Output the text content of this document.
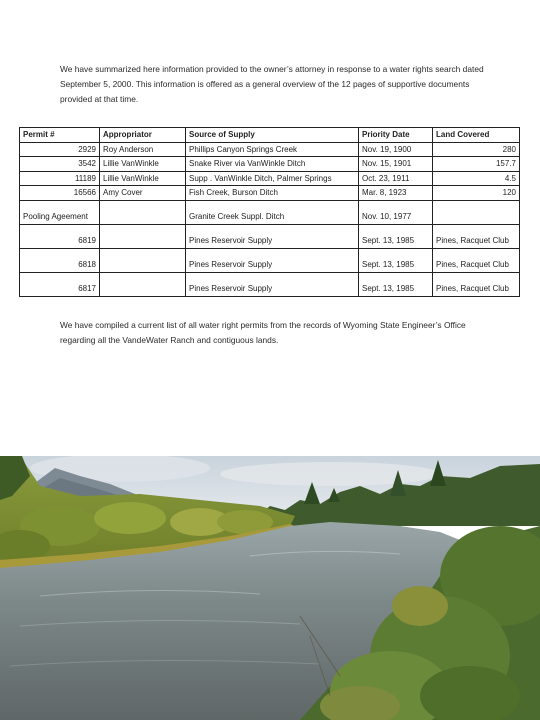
We have summarized here information provided to the owner’s attorney in response to a water rights search dated September 5, 2000. This information is offered as a general overview of the 12 pages of supportive documents provided at that time.

Permit #	Appropriator	Source of Supply	Priority Date	Land Covered
2929	Roy Anderson	Phillips Canyon Springs Creek	Nov. 19, 1900	280
3542	Lillie VanWinkle	Snake River via VanWinkle Ditch	Nov. 15, 1901	157.7
11189	Lillie VanWinkle	Supp . VanWinkle Ditch, Palmer Springs	Oct. 23, 1911	4.5
16566	Amy Cover	Fish Creek, Burson Ditch	Mar. 8, 1923	120
Pooling Ageement		Granite Creek Suppl. Ditch	Nov. 10, 1977	
6819		Pines Reservoir Supply	Sept. 13, 1985	Pines, Racquet Club
6818		Pines Reservoir Supply	Sept. 13, 1985	Pines, Racquet Club
6817		Pines Reservoir Supply	Sept. 13, 1985	Pines, Racquet Club

We have compiled a current list of all water right permits from the records of Wyoming State Engineer’s Office regarding all the VandeWater Ranch and contiguous lands.
